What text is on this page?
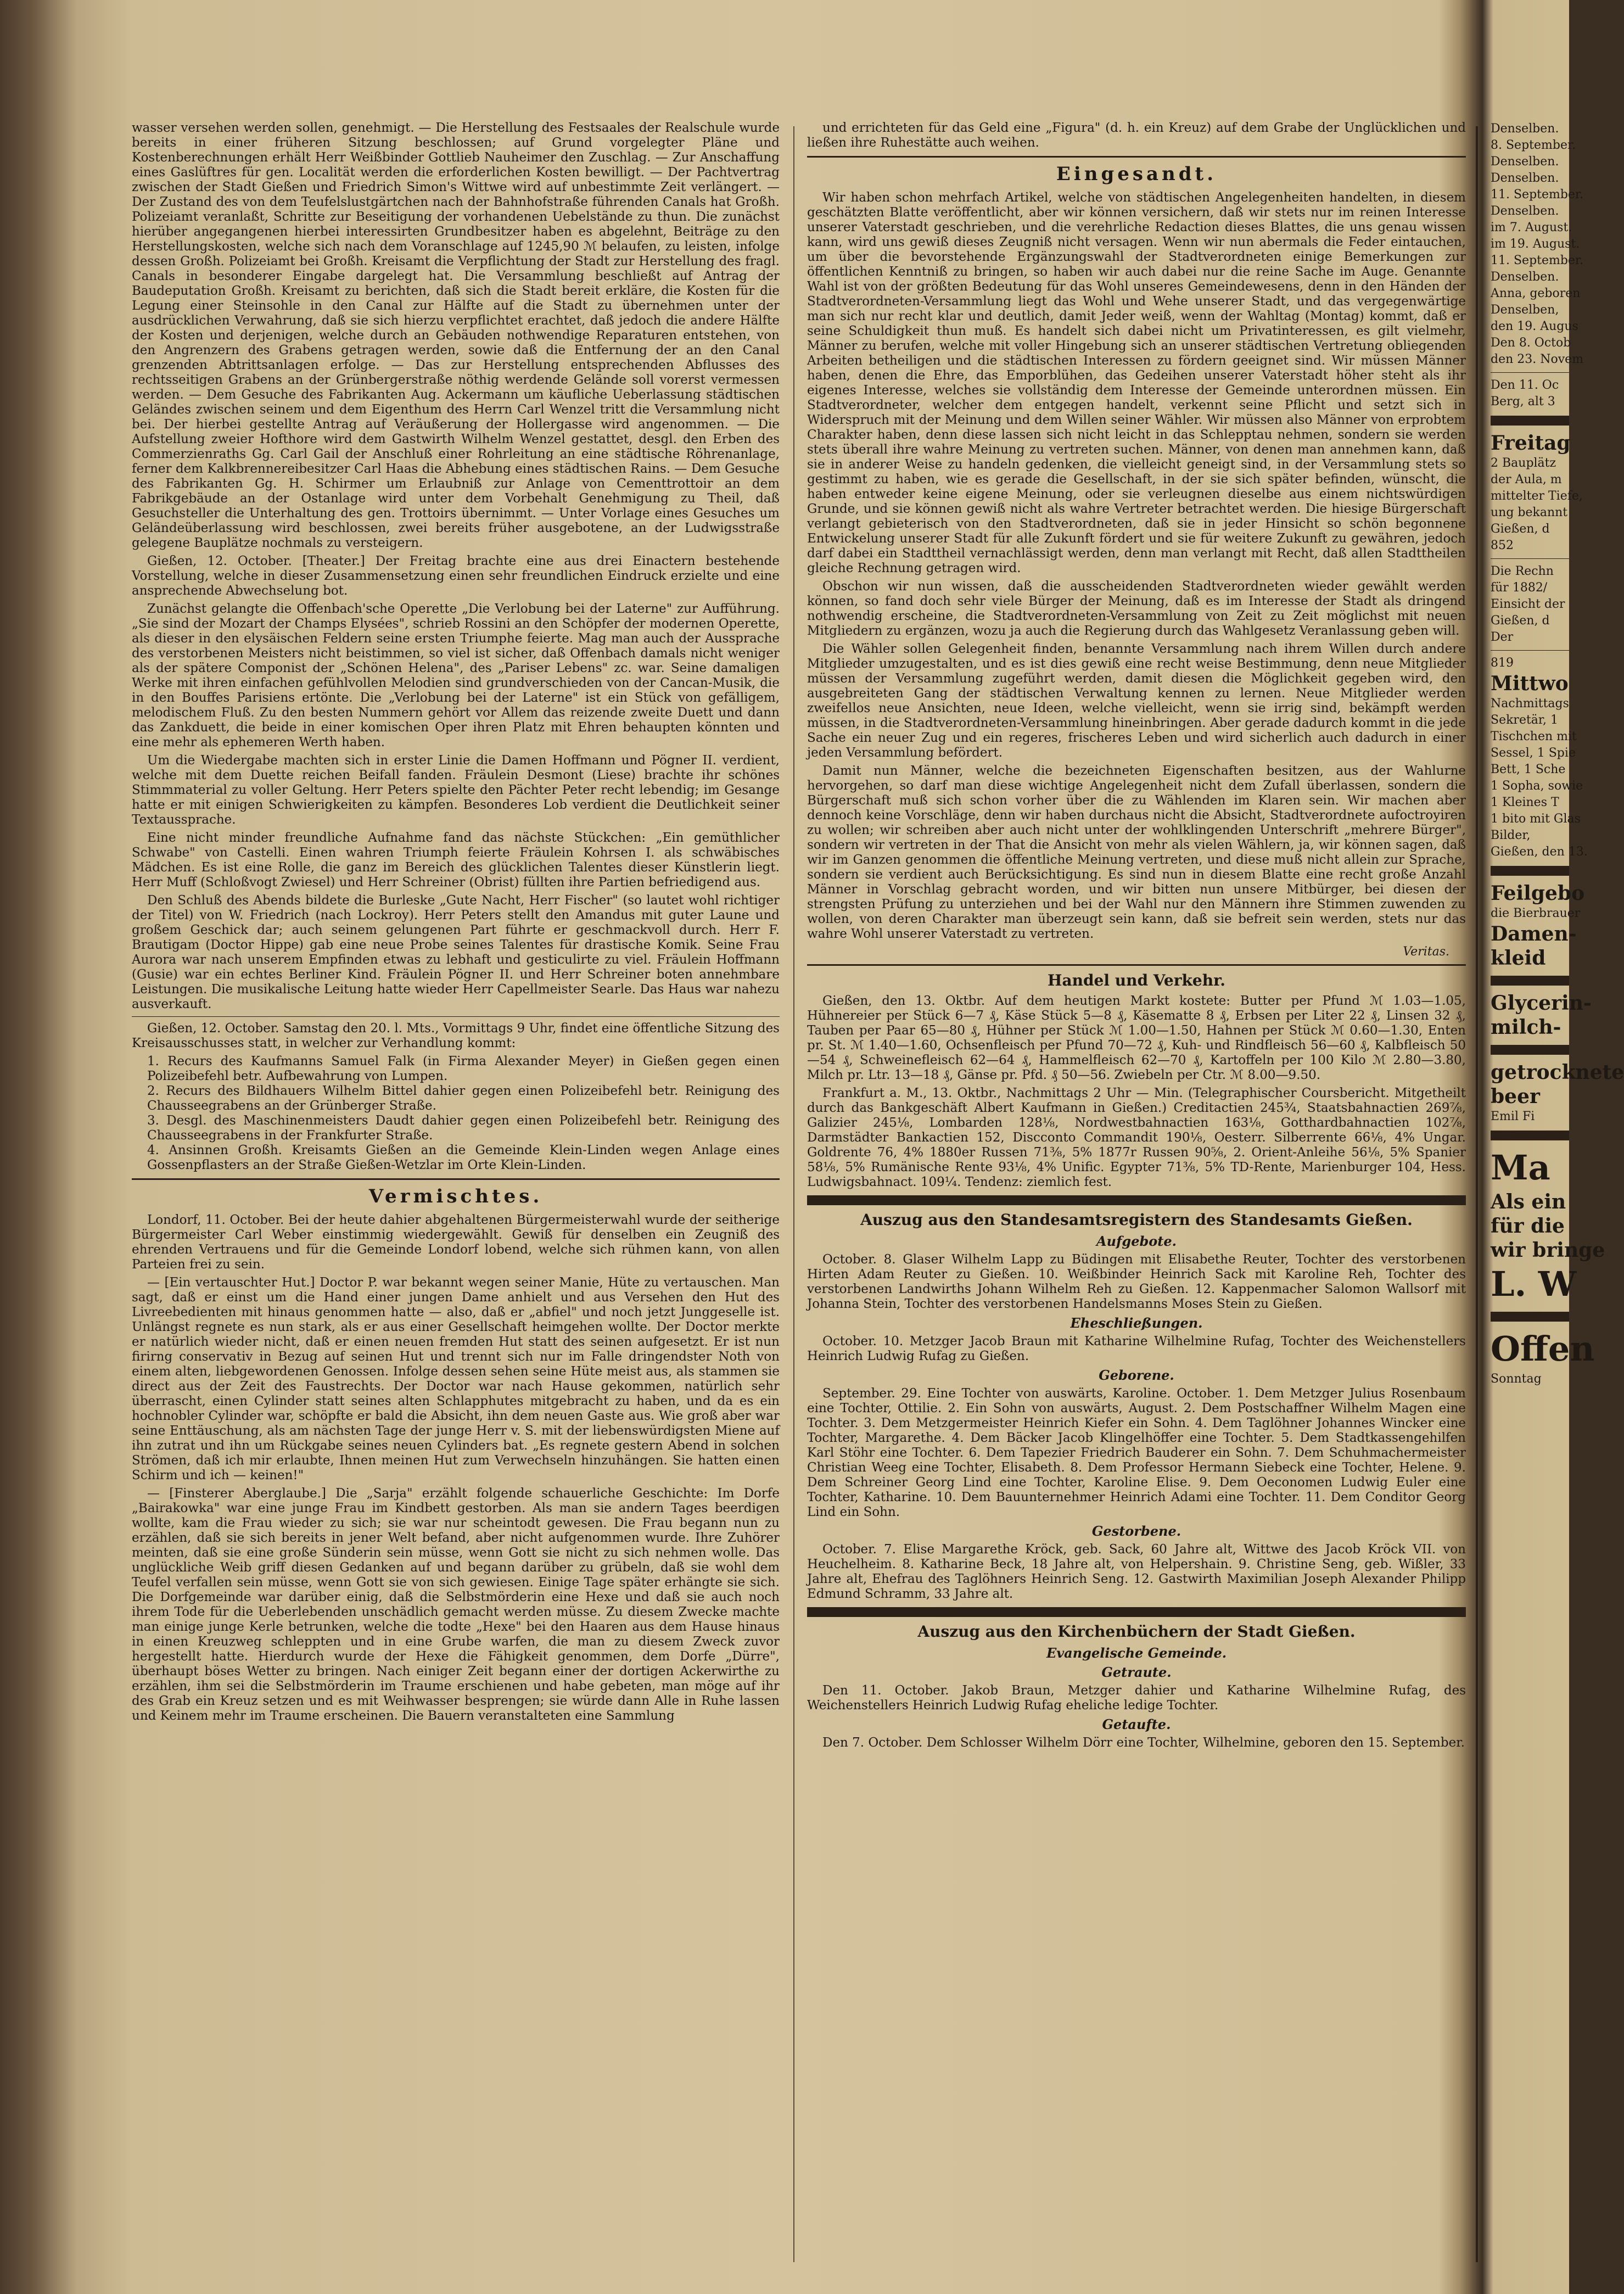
wasser versehen werden sollen, genehmigt. — Die Herstellung des Festsaales der Realschule wurde bereits in einer früheren Sitzung beschlossen; auf Grund vorgelegter Pläne und Kostenberechnungen erhält Herr Weißbinder Gottlieb Nauheimer den Zuschlag. — Zur Anschaffung eines Gaslüftres für gen. Localität werden die erforderlichen Kosten bewilligt. — Der Pachtvertrag zwischen der Stadt Gießen und Friedrich Simon's Wittwe wird auf unbestimmte Zeit verlängert. — Der Zustand des von dem Teufelslustgärtchen nach der Bahnhofstraße führenden Canals hat Großh. Polizeiamt veranlaßt, Schritte zur Beseitigung der vorhandenen Uebelstände zu thun. Die zunächst hierüber angegangenen hierbei interessirten Grundbesitzer haben es abgelehnt, Beiträge zu den Herstellungskosten, welche sich nach dem Voranschlage auf 1245,90 ℳ belaufen, zu leisten, infolge dessen Großh. Polizeiamt bei Großh. Kreisamt die Verpflichtung der Stadt zur Herstellung des fragl. Canals in besonderer Eingabe dargelegt hat. Die Versammlung beschließt auf Antrag der Baudeputation Großh. Kreisamt zu berichten, daß sich die Stadt bereit erkläre, die Kosten für die Legung einer Steinsohle in den Canal zur Hälfte auf die Stadt zu übernehmen unter der ausdrücklichen Verwahrung, daß sie sich hierzu verpflichtet erachtet, daß jedoch die andere Hälfte der Kosten und derjenigen, welche durch an Gebäuden nothwendige Reparaturen entstehen, von den Angrenzern des Grabens getragen werden, sowie daß die Entfernung der an den Canal grenzenden Abtrittsanlagen erfolge. — Das zur Herstellung entsprechenden Abflusses des rechtsseitigen Grabens an der Grünbergerstraße nöthig werdende Gelände soll vorerst vermessen werden. — Dem Gesuche des Fabrikanten Aug. Ackermann um käufliche Ueberlassung städtischen Geländes zwischen seinem und dem Eigenthum des Herrn Carl Wenzel tritt die Versammlung nicht bei. Der hierbei gestellte Antrag auf Veräußerung der Hollergasse wird angenommen. — Die Aufstellung zweier Hofthore wird dem Gastwirth Wilhelm Wenzel gestattet, desgl. den Erben des Commerzienraths Gg. Carl Gail der Anschluß einer Rohrleitung an eine städtische Röhrenanlage, ferner dem Kalkbrennereibesitzer Carl Haas die Abhebung eines städtischen Rains. — Dem Gesuche des Fabrikanten Gg. H. Schirmer um Erlaubniß zur Anlage von Cementtrottoir an dem Fabrikgebäude an der Ostanlage wird unter dem Vorbehalt Genehmigung zu Theil, daß Gesuchsteller die Unterhaltung des gen. Trottoirs übernimmt. — Unter Vorlage eines Gesuches um Geländeüberlassung wird beschlossen, zwei bereits früher ausgebotene, an der Ludwigsstraße gelegene Bauplätze nochmals zu versteigern.

Gießen, 12. October. [Theater.] Der Freitag brachte eine aus drei Einactern bestehende Vorstellung, welche in dieser Zusammensetzung einen sehr freundlichen Eindruck erzielte und eine ansprechende Abwechselung bot.

Zunächst gelangte die Offenbach'sche Operette „Die Verlobung bei der Laterne" zur Aufführung. „Sie sind der Mozart der Champs Elysées", schrieb Rossini an den Schöpfer der modernen Operette, als dieser in den elysäischen Feldern seine ersten Triumphe feierte. Mag man auch der Aussprache des verstorbenen Meisters nicht beistimmen, so viel ist sicher, daß Offenbach damals nicht weniger als der spätere Componist der „Schönen Helena", des „Pariser Lebens" zc. war. Seine damaligen Werke mit ihren einfachen gefühlvollen Melodien sind grundverschieden von der Cancan-Musik, die in den Bouffes Parisiens ertönte. Die „Verlobung bei der Laterne" ist ein Stück von gefälligem, melodischem Fluß. Zu den besten Nummern gehört vor Allem das reizende zweite Duett und dann das Zankduett, die beide in einer komischen Oper ihren Platz mit Ehren behaupten könnten und eine mehr als ephemeren Werth haben.

Um die Wiedergabe machten sich in erster Linie die Damen Hoffmann und Pögner II. verdient, welche mit dem Duette reichen Beifall fanden. Fräulein Desmont (Liese) brachte ihr schönes Stimmmaterial zu voller Geltung. Herr Peters spielte den Pächter Peter recht lebendig; im Gesange hatte er mit einigen Schwierigkeiten zu kämpfen. Besonderes Lob verdient die Deutlichkeit seiner Textaussprache.

Eine nicht minder freundliche Aufnahme fand das nächste Stückchen: „Ein gemüthlicher Schwabe" von Castelli. Einen wahren Triumph feierte Fräulein Kohrsen I. als schwäbisches Mädchen. Es ist eine Rolle, die ganz im Bereich des glücklichen Talentes dieser Künstlerin liegt. Herr Muff (Schloßvogt Zwiesel) und Herr Schreiner (Obrist) füllten ihre Partien befriedigend aus.

Den Schluß des Abends bildete die Burleske „Gute Nacht, Herr Fischer" (so lautet wohl richtiger der Titel) von W. Friedrich (nach Lockroy). Herr Peters stellt den Amandus mit guter Laune und großem Geschick dar; auch seinem gelungenen Part führte er geschmackvoll durch. Herr F. Brautigam (Doctor Hippe) gab eine neue Probe seines Talentes für drastische Komik. Seine Frau Aurora war nach unserem Empfinden etwas zu lebhaft und gesticulirte zu viel. Fräulein Hoffmann (Gusie) war ein echtes Berliner Kind. Fräulein Pögner II. und Herr Schreiner boten annehmbare Leistungen. Die musikalische Leitung hatte wieder Herr Capellmeister Searle. Das Haus war nahezu ausverkauft.

Gießen, 12. October. Samstag den 20. l. Mts., Vormittags 9 Uhr, findet eine öffentliche Sitzung des Kreisausschusses statt, in welcher zur Verhandlung kommt:

1. Recurs des Kaufmanns Samuel Falk (in Firma Alexander Meyer) in Gießen gegen einen Polizeibefehl betr. Aufbewahrung von Lumpen.
2. Recurs des Bildhauers Wilhelm Bittel dahier gegen einen Polizeibefehl betr. Reinigung des Chausseegrabens an der Grünberger Straße.
3. Desgl. des Maschinenmeisters Daudt dahier gegen einen Polizeibefehl betr. Reinigung des Chausseegrabens in der Frankfurter Straße.
4. Ansinnen Großh. Kreisamts Gießen an die Gemeinde Klein-Linden wegen Anlage eines Gossenpflasters an der Straße Gießen-Wetzlar im Orte Klein-Linden.
Vermischtes.

Londorf, 11. October. Bei der heute dahier abgehaltenen Bürgermeisterwahl wurde der seitherige Bürgermeister Carl Weber einstimmig wiedergewählt. Gewiß für denselben ein Zeugniß des ehrenden Vertrauens und für die Gemeinde Londorf lobend, welche sich rühmen kann, von allen Parteien frei zu sein.

— [Ein vertauschter Hut.] Doctor P. war bekannt wegen seiner Manie, Hüte zu vertauschen. Man sagt, daß er einst um die Hand einer jungen Dame anhielt und aus Versehen den Hut des Livreebedienten mit hinaus genommen hatte — also, daß er „abfiel" und noch jetzt Junggeselle ist. Unlängst regnete es nun stark, als er aus einer Gesellschaft heimgehen wollte. Der Doctor merkte er natürlich wieder nicht, daß er einen neuen fremden Hut statt des seinen aufgesetzt. Er ist nun firirng conservativ in Bezug auf seinen Hut und trennt sich nur im Falle dringendster Noth von einem alten, liebgewordenen Genossen. Infolge dessen sehen seine Hüte meist aus, als stammen sie direct aus der Zeit des Faustrechts. Der Doctor war nach Hause gekommen, natürlich sehr überrascht, einen Cylinder statt seines alten Schlapphutes mitgebracht zu haben, und da es ein hochnobler Cylinder war, schöpfte er bald die Absicht, ihn dem neuen Gaste aus. Wie groß aber war seine Enttäuschung, als am nächsten Tage der junge Herr v. S. mit der liebenswürdigsten Miene auf ihn zutrat und ihn um Rückgabe seines neuen Cylinders bat. „Es regnete gestern Abend in solchen Strömen, daß ich mir erlaubte, Ihnen meinen Hut zum Verwechseln hinzuhängen. Sie hatten einen Schirm und ich — keinen!"

— [Finsterer Aberglaube.] Die „Sarja" erzählt folgende schauerliche Geschichte: Im Dorfe „Bairakowka" war eine junge Frau im Kindbett gestorben. Als man sie andern Tages beerdigen wollte, kam die Frau wieder zu sich; sie war nur scheintodt gewesen. Die Frau begann nun zu erzählen, daß sie sich bereits in jener Welt befand, aber nicht aufgenommen wurde. Ihre Zuhörer meinten, daß sie eine große Sünderin sein müsse, wenn Gott sie nicht zu sich nehmen wolle. Das unglückliche Weib griff diesen Gedanken auf und begann darüber zu grübeln, daß sie wohl dem Teufel verfallen sein müsse, wenn Gott sie von sich gewiesen. Einige Tage später erhängte sie sich. Die Dorfgemeinde war darüber einig, daß die Selbstmörderin eine Hexe und daß sie auch noch ihrem Tode für die Ueberlebenden unschädlich gemacht werden müsse. Zu diesem Zwecke machte man einige junge Kerle betrunken, welche die todte „Hexe" bei den Haaren aus dem Hause hinaus in einen Kreuzweg schleppten und in eine Grube warfen, die man zu diesem Zweck zuvor hergestellt hatte. Hierdurch wurde der Hexe die Fähigkeit genommen, dem Dorfe „Dürre", überhaupt böses Wetter zu bringen. Nach einiger Zeit begann einer der dortigen Ackerwirthe zu erzählen, ihm sei die Selbstmörderin im Traume erschienen und habe gebeten, man möge auf ihr des Grab ein Kreuz setzen und es mit Weihwasser besprengen; sie würde dann Alle in Ruhe lassen und Keinem mehr im Traume erscheinen. Die Bauern veranstalteten eine Sammlung

und errichteten für das Geld eine „Figura" (d. h. ein Kreuz) auf dem Grabe der Unglücklichen und ließen ihre Ruhestätte auch weihen.

Eingesandt.

Wir haben schon mehrfach Artikel, welche von städtischen Angelegenheiten handelten, in diesem geschätzten Blatte veröffentlicht, aber wir können versichern, daß wir stets nur im reinen Interesse unserer Vaterstadt geschrieben, und die verehrliche Redaction dieses Blattes, die uns genau wissen kann, wird uns gewiß dieses Zeugniß nicht versagen. Wenn wir nun abermals die Feder eintauchen, um über die bevorstehende Ergänzungswahl der Stadtverordneten einige Bemerkungen zur öffentlichen Kenntniß zu bringen, so haben wir auch dabei nur die reine Sache im Auge. Genannte Wahl ist von der größten Bedeutung für das Wohl unseres Gemeindewesens, denn in den Händen der Stadtverordneten-Versammlung liegt das Wohl und Wehe unserer Stadt, und das vergegenwärtige man sich nur recht klar und deutlich, damit Jeder weiß, wenn der Wahltag (Montag) kommt, daß er seine Schuldigkeit thun muß. Es handelt sich dabei nicht um Privatinteressen, es gilt vielmehr, Männer zu berufen, welche mit voller Hingebung sich an unserer städtischen Vertretung obliegenden Arbeiten betheiligen und die städtischen Interessen zu fördern geeignet sind. Wir müssen Männer haben, denen die Ehre, das Emporblühen, das Gedeihen unserer Vaterstadt höher steht als ihr eigenes Interesse, welches sie vollständig dem Interesse der Gemeinde unterordnen müssen. Ein Stadtverordneter, welcher dem entgegen handelt, verkennt seine Pflicht und setzt sich in Widerspruch mit der Meinung und dem Willen seiner Wähler. Wir müssen also Männer von erprobtem Charakter haben, denn diese lassen sich nicht leicht in das Schlepptau nehmen, sondern sie werden stets überall ihre wahre Meinung zu vertreten suchen. Männer, von denen man annehmen kann, daß sie in anderer Weise zu handeln gedenken, die vielleicht geneigt sind, in der Versammlung stets so gestimmt zu haben, wie es gerade die Gesellschaft, in der sie sich später befinden, wünscht, die haben entweder keine eigene Meinung, oder sie verleugnen dieselbe aus einem nichtswürdigen Grunde, und sie können gewiß nicht als wahre Vertreter betrachtet werden. Die hiesige Bürgerschaft verlangt gebieterisch von den Stadtverordneten, daß sie in jeder Hinsicht so schön begonnene Entwickelung unserer Stadt für alle Zukunft fördert und sie für weitere Zukunft zu gewähren, jedoch darf dabei ein Stadttheil vernachlässigt werden, denn man verlangt mit Recht, daß allen Stadttheilen gleiche Rechnung getragen wird.

Obschon wir nun wissen, daß die ausscheidenden Stadtverordneten wieder gewählt werden können, so fand doch sehr viele Bürger der Meinung, daß es im Interesse der Stadt als dringend nothwendig erscheine, die Stadtverordneten-Versammlung von Zeit zu Zeit möglichst mit neuen Mitgliedern zu ergänzen, wozu ja auch die Regierung durch das Wahlgesetz Veranlassung geben will.

Die Wähler sollen Gelegenheit finden, benannte Versammlung nach ihrem Willen durch andere Mitglieder umzugestalten, und es ist dies gewiß eine recht weise Bestimmung, denn neue Mitglieder müssen der Versammlung zugeführt werden, damit diesen die Möglichkeit gegeben wird, den ausgebreiteten Gang der städtischen Verwaltung kennen zu lernen. Neue Mitglieder werden zweifellos neue Ansichten, neue Ideen, welche vielleicht, wenn sie irrig sind, bekämpft werden müssen, in die Stadtverordneten-Versammlung hineinbringen. Aber gerade dadurch kommt in die jede Sache ein neuer Zug und ein regeres, frischeres Leben und wird sicherlich auch dadurch in einer jeden Versammlung befördert.

Damit nun Männer, welche die bezeichneten Eigenschaften besitzen, aus der Wahlurne hervorgehen, so darf man diese wichtige Angelegenheit nicht dem Zufall überlassen, sondern die Bürgerschaft muß sich schon vorher über die zu Wählenden im Klaren sein. Wir machen aber dennoch keine Vorschläge, denn wir haben durchaus nicht die Absicht, Stadtverordnete aufoctroyiren zu wollen; wir schreiben aber auch nicht unter der wohlklingenden Unterschrift „mehrere Bürger", sondern wir vertreten in der That die Ansicht von mehr als vielen Wählern, ja, wir können sagen, daß wir im Ganzen genommen die öffentliche Meinung vertreten, und diese muß nicht allein zur Sprache, sondern sie verdient auch Berücksichtigung. Es sind nun in diesem Blatte eine recht große Anzahl Männer in Vorschlag gebracht worden, und wir bitten nun unsere Mitbürger, bei diesen der strengsten Prüfung zu unterziehen und bei der Wahl nur den Männern ihre Stimmen zuwenden zu wollen, von deren Charakter man überzeugt sein kann, daß sie befreit sein werden, stets nur das wahre Wohl unserer Vaterstadt zu vertreten.

Veritas.
Handel und Verkehr.

Gießen, den 13. Oktbr. Auf dem heutigen Markt kostete: Butter per Pfund ℳ 1.03—1.05, Hühnereier per Stück 6—7 ₰, Käse Stück 5—8 ₰, Käsematte 8 ₰, Erbsen per Liter 22 ₰, Linsen 32 ₰, Tauben per Paar 65—80 ₰, Hühner per Stück ℳ 1.00—1.50, Hahnen per Stück ℳ 0.60—1.30, Enten pr. St. ℳ 1.40—1.60, Ochsenfleisch per Pfund 70—72 ₰, Kuh- und Rindfleisch 56—60 ₰, Kalbfleisch 50—54 ₰, Schweinefleisch 62—64 ₰, Hammelfleisch 62—70 ₰, Kartoffeln per 100 Kilo ℳ 2.80—3.80, Milch pr. Ltr. 13—18 ₰, Gänse pr. Pfd. ₰ 50—56. Zwiebeln per Ctr. ℳ 8.00—9.50.

Frankfurt a. M., 13. Oktbr., Nachmittags 2 Uhr — Min. (Telegraphischer Coursbericht. Mitgetheilt durch das Bankgeschäft Albert Kaufmann in Gießen.) Creditactien 245¾, Staatsbahnactien 269⅞, Galizier 245⅛, Lombarden 128⅛, Nordwestbahnactien 163⅛, Gotthardbahnactien 102⅞, Darmstädter Bankactien 152, Discconto Commandit 190⅛, Oesterr. Silberrente 66⅛, 4% Ungar. Goldrente 76, 4% 1880er Russen 71⅜, 5% 1877r Russen 90⅝, 2. Orient-Anleihe 56⅛, 5% Spanier 58⅛, 5% Rumänische Rente 93⅛, 4% Unific. Egypter 71⅜, 5% TD-Rente, Marienburger 104, Hess. Ludwigsbahnact. 109¼. Tendenz: ziemlich fest.

Auszug aus den Standesamtsregistern des Standesamts Gießen.
Aufgebote.

October. 8. Glaser Wilhelm Lapp zu Büdingen mit Elisabethe Reuter, Tochter des verstorbenen Hirten Adam Reuter zu Gießen. 10. Weißbinder Heinrich Sack mit Karoline Reh, Tochter des verstorbenen Landwirths Johann Wilhelm Reh zu Gießen. 12. Kappenmacher Salomon Wallsorf mit Johanna Stein, Tochter des verstorbenen Handelsmanns Moses Stein zu Gießen.

Eheschließungen.

October. 10. Metzger Jacob Braun mit Katharine Wilhelmine Rufag, Tochter des Weichenstellers Heinrich Ludwig Rufag zu Gießen.

Geborene.

September. 29. Eine Tochter von auswärts, Karoline. October. 1. Dem Metzger Julius Rosenbaum eine Tochter, Ottilie. 2. Ein Sohn von auswärts, August. 2. Dem Postschaffner Wilhelm Magen eine Tochter. 3. Dem Metzgermeister Heinrich Kiefer ein Sohn. 4. Dem Taglöhner Johannes Wincker eine Tochter, Margarethe. 4. Dem Bäcker Jacob Klingelhöffer eine Tochter. 5. Dem Stadtkassengehilfen Karl Stöhr eine Tochter. 6. Dem Tapezier Friedrich Bauderer ein Sohn. 7. Dem Schuhmachermeister Christian Weeg eine Tochter, Elisabeth. 8. Dem Professor Hermann Siebeck eine Tochter, Helene. 9. Dem Schreiner Georg Lind eine Tochter, Karoline Elise. 9. Dem Oeconomen Ludwig Euler eine Tochter, Katharine. 10. Dem Bauunternehmer Heinrich Adami eine Tochter. 11. Dem Conditor Georg Lind ein Sohn.

Gestorbene.

October. 7. Elise Margarethe Kröck, geb. Sack, 60 Jahre alt, Wittwe des Jacob Kröck VII. von Heuchelheim. 8. Katharine Beck, 18 Jahre alt, von Helpershain. 9. Christine Seng, geb. Wißler, 33 Jahre alt, Ehefrau des Taglöhners Heinrich Seng. 12. Gastwirth Maximilian Joseph Alexander Philipp Edmund Schramm, 33 Jahre alt.

Auszug aus den Kirchenbüchern der Stadt Gießen.
Evangelische Gemeinde.
Getraute.

Den 11. October. Jakob Braun, Metzger dahier und Katharine Wilhelmine Rufag, des Weichenstellers Heinrich Ludwig Rufag eheliche ledige Tochter.

Getaufte.

Den 7. October. Dem Schlosser Wilhelm Dörr eine Tochter, Wilhelmine, geboren den 15. September.

Denselben.
8. September.
Denselben.
Denselben.
11. September.
Denselben.
im 7. August.
im 19. August.
11. September.
Denselben.
Anna, geboren
Denselben,
den 19. Augus
Den 8. Octob
den 23. Novem
Den 11. Oc
Berg, alt 3
Freitag
2 Bauplätz
der Aula, m
mittelter Tiefe,
ung bekannt
Gießen, d
852
Die Rechn
für 1882/
Einsicht der
Gießen, d
Der
819
Mittwo
Nachmittags
Sekretär, 1
Tischchen mit
Sessel, 1 Spie
Bett, 1 Sche
1 Sopha, sowie
1 Kleines T
1 bito mit Glas
Bilder,
Gießen, den 13.
Feilgebo
die Bierbrauer
Damen-
kleid
Glycerin-
milch-
getrocknete
beer
Emil Fi
Ma
Als ein
für die
wir bringe
L. W
Offen
Sonntag
